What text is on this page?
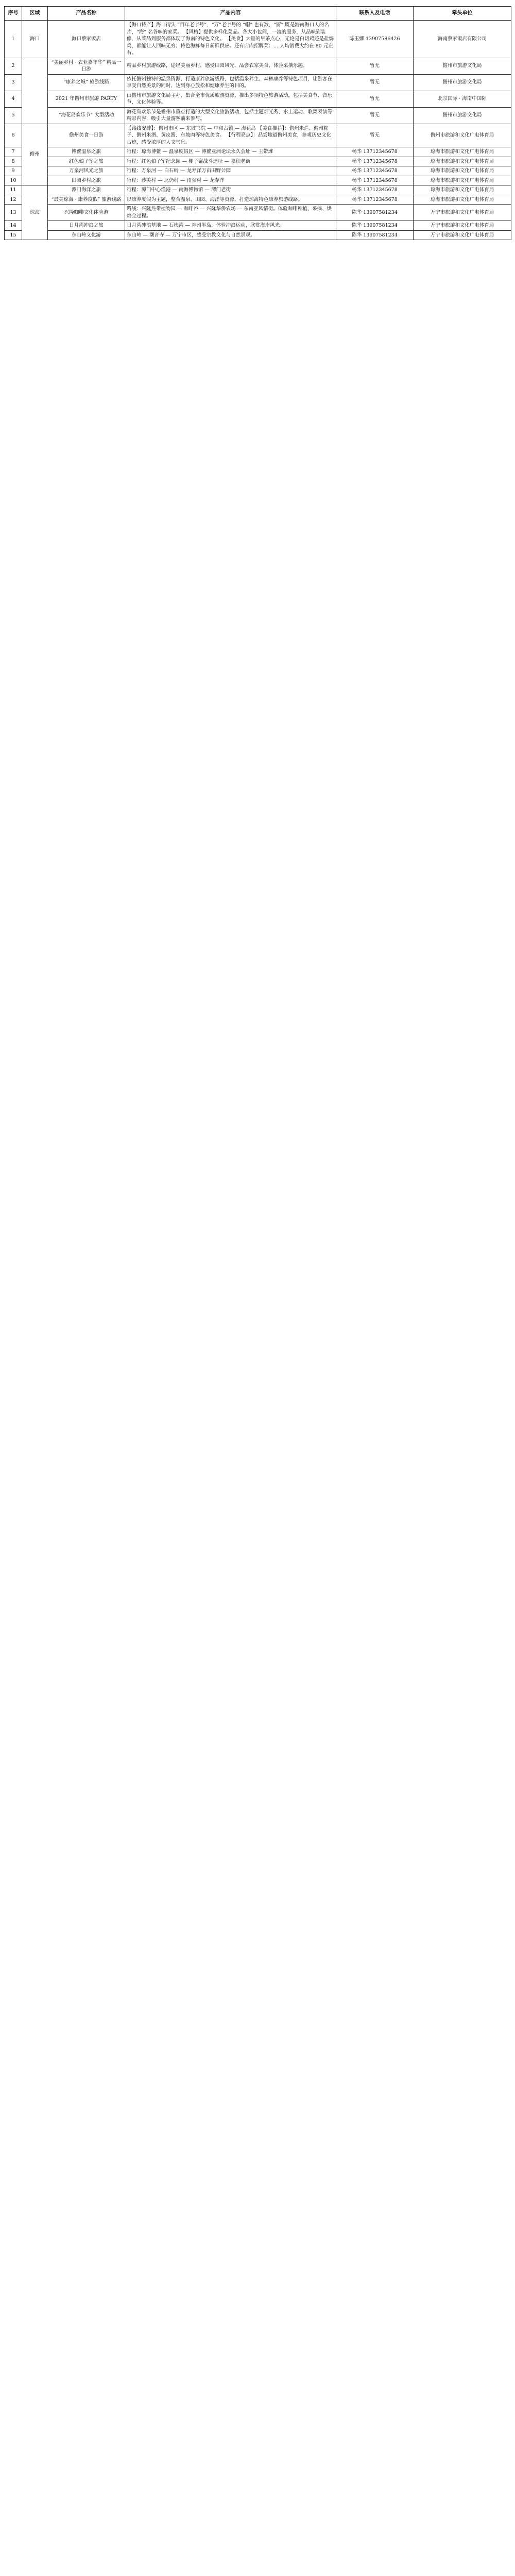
序号	区域	产品名称	产品内容	联系人及电话	牵头单位
1	海口	海口蔡家饭店	【海口特产】海口街头 “百年老字号”，“万”老字号的 “帽” 也有数，“厨” 既是海南海口人的名片，“海” 名各味的家菜。 【风格】提供多样化菜品。各大小包间，一流的服务，从品味到装修，从菜品到服务都体现了海南的特色文化。 【美食】大量的早茶点心，无论是白切鸡还是盐焗鸡，都能让人回味无穷；特色海鲜每日新鲜供应。还有店内招牌菜：... 人均消费大约在 80 元左右。	陈玉娜 13907586426	海南蔡家饭店有限公司
2		“美丽乡村 · 农业嘉年华” 精品一日游	精品乡村旅游线路，途经美丽乡村，感受田园风光，品尝农家美食，体验采摘乐趣。	暂无	儋州市旅游文化局
3		“康养之城” 旅游线路	依托儋州独特的温泉资源，打造康养旅游线路，包括温泉养生、森林康养等特色项目，让游客在享受自然美景的同时，达到身心放松和健康养生的目的。	暂无	儋州市旅游文化局
4		2021 年儋州市旅游 PARTY	由儋州市旅游文化局主办，集合全市优质旅游资源，推出多项特色旅游活动，包括美食节、音乐节、文化体验等。	暂无	北京国际 · 海南中国际
5		“海花岛欢乐节” 大型活动	海花岛欢乐节是儋州市重点打造的大型文化旅游活动，包括主题灯光秀、水上运动、歌舞表演等精彩内容，吸引大量游客前来参与。	暂无	儋州市旅游文化局
6	儋州	儋州美食一日游	【路线安排】：儋州市区 — 东坡书院 — 中和古镇 — 海花岛 【美食推荐】：儋州米烂、儋州粽子、儋州米酒、黄皮酱、东坡肉等特色美食。 【行程亮点】：品尝地道儋州美食，参观历史文化古迹，感受浓厚的人文气息。	暂无	儋州市旅游和文化广电体育局
7		博鳌温泉之旅	行程：琼海博鳌 — 温泉度假区 — 博鳌亚洲论坛永久会址 — 玉带滩	杨华 13712345678	琼海市旅游和文化广电体育局
8		红色娘子军之旅	行程：红色娘子军纪念园 — 椰子寨战斗遗址 — 嘉积老街	杨华 13712345678	琼海市旅游和文化广电体育局
9		万泉河风光之旅	行程：万泉河 — 白石岭 — 龙寿洋万亩田野公园	杨华 13712345678	琼海市旅游和文化广电体育局
10		田园乡村之旅	行程：沙美村 — 北仍村 — 南强村 — 龙寿洋	杨华 13712345678	琼海市旅游和文化广电体育局
11	琼海	潭门海洋之旅	行程：潭门中心渔港 — 南海博物馆 — 潭门老街	杨华 13712345678	琼海市旅游和文化广电体育局
12		“最美琼海 · 康养度假” 旅游线路	以康养度假为主题，整合温泉、田园、海洋等资源，打造琼海特色康养旅游线路。	杨华 13712345678	琼海市旅游和文化广电体育局
13		兴隆咖啡文化体验游	路线：兴隆热带植物园 — 咖啡谷 — 兴隆华侨农场 — 东南亚风情街。体验咖啡种植、采摘、烘焙全过程。	陈华 13907581234	万宁市旅游和文化广电体育局
14		日月湾冲浪之旅	日月湾冲浪基地 — 石梅湾 — 神州半岛，体验冲浪运动，欣赏海岸风光。	陈华 13907581234	万宁市旅游和文化广电体育局
15		东山岭文化游	东山岭 — 潮音寺 — 万宁市区，感受宗教文化与自然景观。	陈华 13907581234	万宁市旅游和文化广电体育局
